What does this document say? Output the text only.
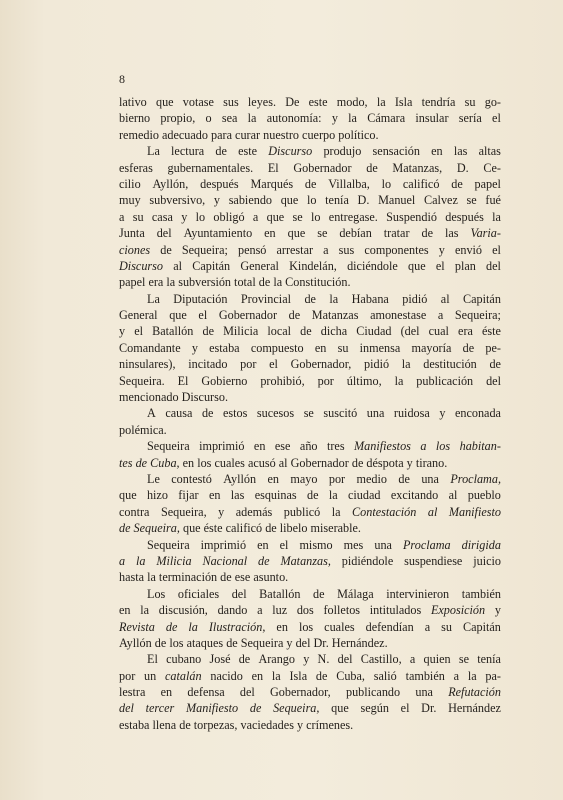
8
lativo que votase sus leyes. De este modo, la Isla tendría su go-
bierno propio, o sea la autonomía: y la Cámara insular sería el
remedio adecuado para curar nuestro cuerpo político.
La lectura de este Discurso produjo sensación en las altas
esferas gubernamentales. El Gobernador de Matanzas, D. Ce-
cilio Ayllón, después Marqués de Villalba, lo calificó de papel
muy subversivo, y sabiendo que lo tenía D. Manuel Calvez se fué
a su casa y lo obligó a que se lo entregase. Suspendió después la
Junta del Ayuntamiento en que se debían tratar de las Varia-
ciones de Sequeira; pensó arrestar a sus componentes y envió el
Discurso al Capitán General Kindelán, diciéndole que el plan del
papel era la subversión total de la Constitución.
La Diputación Provincial de la Habana pidió al Capitán
General que el Gobernador de Matanzas amonestase a Sequeira;
y el Batallón de Milicia local de dicha Ciudad (del cual era éste
Comandante y estaba compuesto en su inmensa mayoría de pe-
ninsulares), incitado por el Gobernador, pidió la destitución de
Sequeira. El Gobierno prohibió, por último, la publicación del
mencionado Discurso.
A causa de estos sucesos se suscitó una ruidosa y enconada
polémica.
Sequeira imprimió en ese año tres Manifiestos a los habitan-
tes de Cuba, en los cuales acusó al Gobernador de déspota y tirano.
Le contestó Ayllón en mayo por medio de una Proclama,
que hizo fijar en las esquinas de la ciudad excitando al pueblo
contra Sequeira, y además publicó la Contestación al Manifiesto
de Sequeira, que éste calificó de libelo miserable.
Sequeira imprimió en el mismo mes una Proclama dirigida
a la Milicia Nacional de Matanzas, pidiéndole suspendiese juicio
hasta la terminación de ese asunto.
Los oficiales del Batallón de Málaga intervinieron también
en la discusión, dando a luz dos folletos intitulados Exposición y
Revista de la Ilustración, en los cuales defendían a su Capitán
Ayllón de los ataques de Sequeira y del Dr. Hernández.
El cubano José de Arango y N. del Castillo, a quien se tenía
por un catalán nacido en la Isla de Cuba, salió también a la pa-
lestra en defensa del Gobernador, publicando una Refutación
del tercer Manifiesto de Sequeira, que según el Dr. Hernández
estaba llena de torpezas, vaciedades y crímenes.
